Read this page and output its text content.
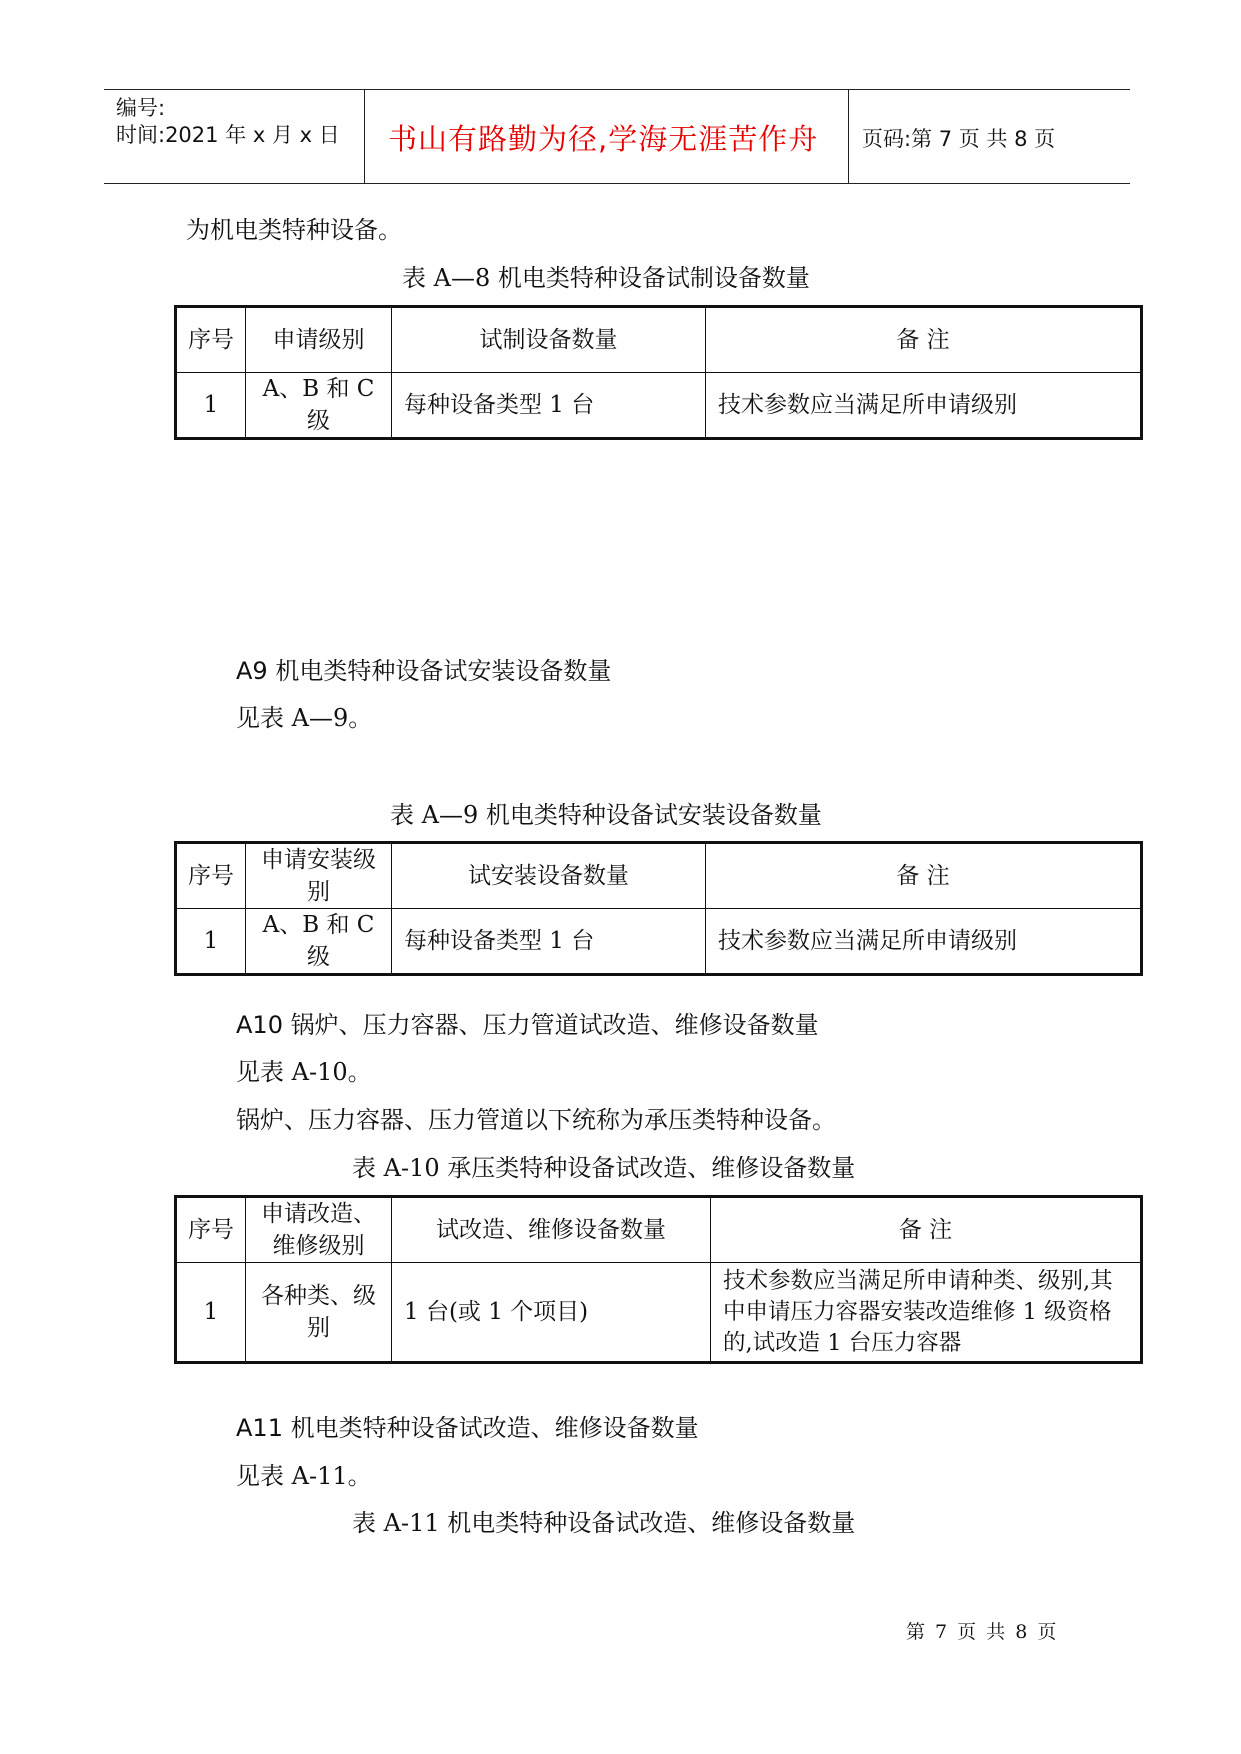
编号:
时间:2021 年 x 月 x 日 书山有路勤为径,学海无涯苦作舟 页码:第 7 页 共 8 页
为机电类特种设备。
表 A—8 机电类特种设备试制设备数量
序号	申请级别	试制设备数量	备 注
1	A、B 和 C 级	每种设备类型 1 台	技术参数应当满足所申请级别
A9 机电类特种设备试安装设备数量
见表 A—9。
表 A—9 机电类特种设备试安装设备数量
序号	申请安装级别	试安装设备数量	备 注
1	A、B 和 C 级	每种设备类型 1 台	技术参数应当满足所申请级别
A10 锅炉、压力容器、压力管道试改造、维修设备数量
见表 A-10。
锅炉、压力容器、压力管道以下统称为承压类特种设备。
表 A-10 承压类特种设备试改造、维修设备数量
序号	申请改造、维修级别	试改造、维修设备数量	备 注
1	各种类、级别	1 台(或 1 个项目)	技术参数应当满足所申请种类、级别,其中申请压力容器安装改造维修 1 级资格的,试改造 1 台压力容器
A11 机电类特种设备试改造、维修设备数量
见表 A-11。
表 A-11 机电类特种设备试改造、维修设备数量
第 7 页 共 8 页
